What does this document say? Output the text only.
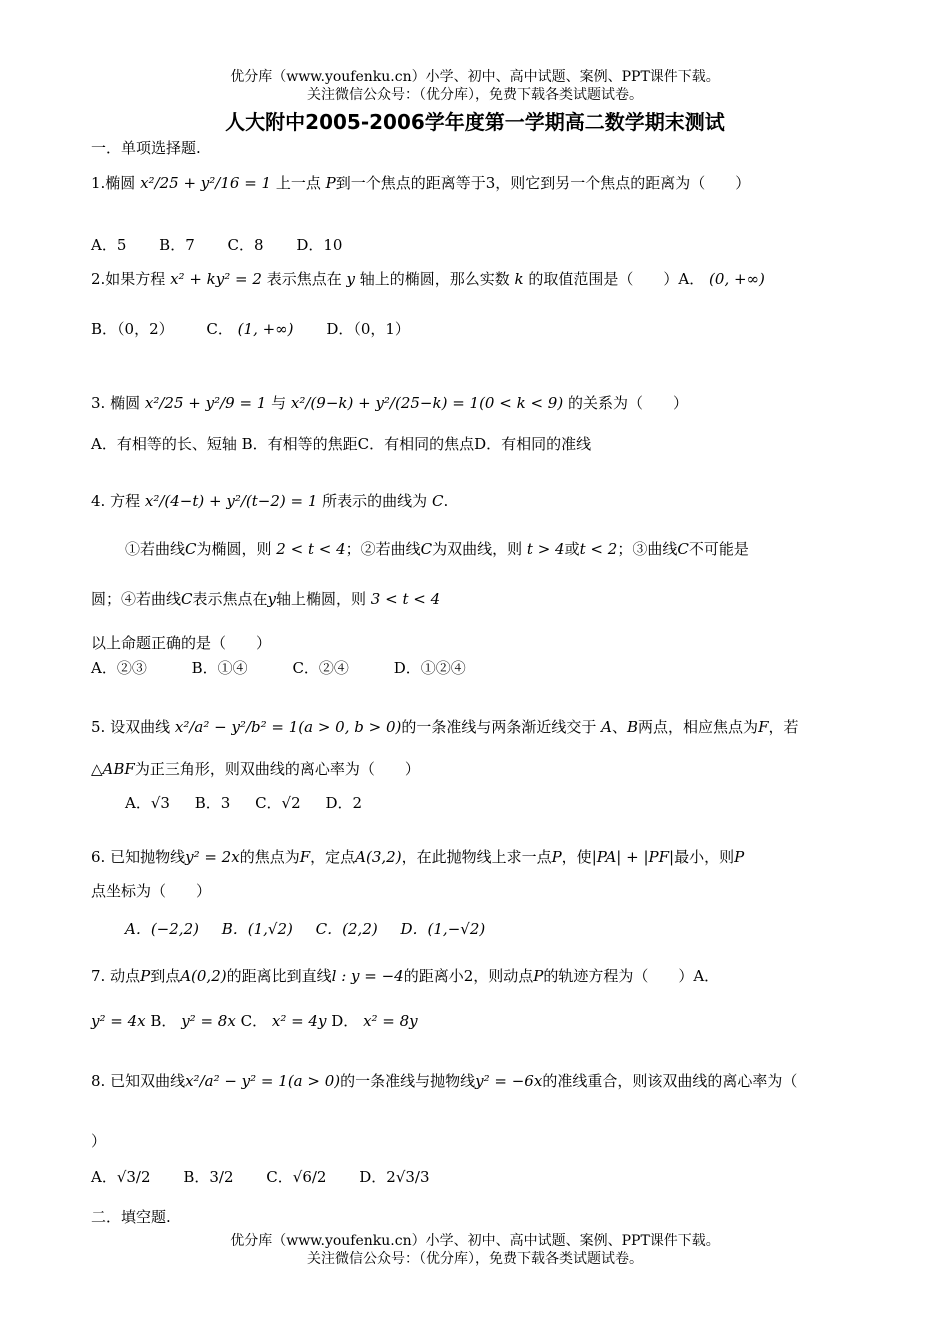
优分库（www.youfenku.cn）小学、初中、高中试题、案例、PPT课件下载。
关注微信公众号：（优分库），免费下载各类试题试卷。
人大附中2005-2006学年度第一学期高二数学期末测试
一．单项选择题.
1.椭圆 x²/25 + y²/16 = 1 上一点 P到一个焦点的距离等于3，则它到另一个焦点的距离为（　　）
A．5 B．7 C．8 D．10
2.如果方程 x² + ky² = 2 表示焦点在 y 轴上的椭圆，那么实数 k 的取值范围是（　　）A． (0, +∞)
B．（0，2） C． (1, +∞) D．（0，1）
3. 椭圆 x²/25 + y²/9 = 1 与 x²/(9−k) + y²/(25−k) = 1(0 < k < 9) 的关系为（　　）
A．有相等的长、短轴 B．有相等的焦距C．有相同的焦点D．有相同的准线
4. 方程 x²/(4−t) + y²/(t−2) = 1 所表示的曲线为 C.
①若曲线C为椭圆，则 2 < t < 4；②若曲线C为双曲线，则 t > 4或t < 2；③曲线C不可能是
圆；④若曲线C表示焦点在y轴上椭圆，则 3 < t < 4
以上命题正确的是（　　）
A．②③	B．①④	C．②④	D．①②④
5. 设双曲线 x²/a² − y²/b² = 1(a > 0, b > 0)的一条准线与两条渐近线交于 A、B两点，相应焦点为F，若
△ABF为正三角形，则双曲线的离心率为（　　）
A．√3 B．3 C．√2 D．2
6. 已知抛物线y² = 2x的焦点为F，定点A(3,2)，在此抛物线上求一点P，使|PA| + |PF|最小，则P
点坐标为（　　）
A．(−2,2) B．(1,√2) C．(2,2) D．(1,−√2)
7. 动点P到点A(0,2)的距离比到直线l : y = −4的距离小2，则动点P的轨迹方程为（　　）A．
y² = 4x B． y² = 8x C． x² = 4y D． x² = 8y
8. 已知双曲线x²/a² − y² = 1(a > 0)的一条准线与抛物线y² = −6x的准线重合，则该双曲线的离心率为（
）
A．√3/2 B．3/2 C．√6/2 D．2√3/3
二．填空题.
优分库（www.youfenku.cn）小学、初中、高中试题、案例、PPT课件下载。
关注微信公众号：（优分库），免费下载各类试题试卷。
